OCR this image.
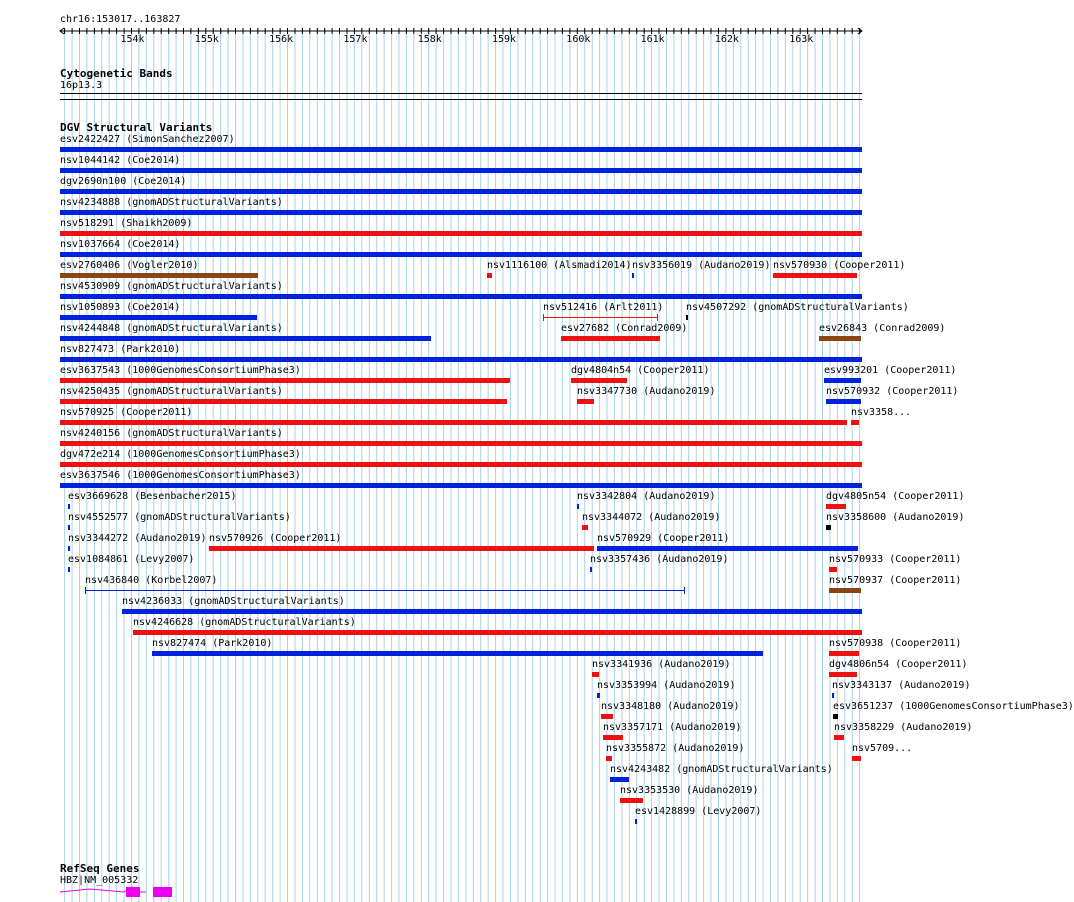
chr16:153017..163827
154k	155k	156k	157k	158k	159k	160k	161k	162k	163k
Cytogenetic Bands
16p13.3
DGV Structural Variants
esv2422427 (SimonSanchez2007)
nsv1044142 (Coe2014)
dgv2690n100 (Coe2014)
nsv4234888 (gnomADStructuralVariants)
nsv518291 (Shaikh2009)
nsv1037664 (Coe2014)
esv2760406 (Vogler2010)	nsv1116100 (Alsmadi2014) nsv3356019 (Audano2019) nsv570930 (Cooper2011)
nsv4530909 (gnomADStructuralVariants)
nsv1050893 (Coe2014)	nsv512416 (Arlt2011) nsv4507292 (gnomADStructuralVariants)
nsv4244848 (gnomADStructuralVariants)	esv27682 (Conrad2009)	esv26843 (Conrad2009)
nsv827473 (Park2010)
esv3637543 (1000GenomesConsortiumPhase3)	dgv4804n54 (Cooper2011)	esv993201 (Cooper2011)
nsv4250435 (gnomADStructuralVariants)	nsv3347730 (Audano2019)	nsv570932 (Cooper2011)
nsv570925 (Cooper2011)	nsv3358...
nsv4240156 (gnomADStructuralVariants)
dgv472e214 (1000GenomesConsortiumPhase3)
esv3637546 (1000GenomesConsortiumPhase3)
esv3669628 (Besenbacher2015)	nsv3342804 (Audano2019)	dgv4805n54 (Cooper2011)
nsv4552577 (gnomADStructuralVariants)	nsv3344072 (Audano2019)	nsv3358600 (Audano2019)
nsv3344272 (Audano2019) nsv570926 (Cooper2011)	nsv570929 (Cooper2011)
esv1084861 (Levy2007)	nsv3357436 (Audano2019)	nsv570933 (Cooper2011)
nsv436840 (Korbel2007)	nsv570937 (Cooper2011)
nsv4236033 (gnomADStructuralVariants)
nsv4246628 (gnomADStructuralVariants)
nsv827474 (Park2010)	nsv570938 (Cooper2011)
nsv3341936 (Audano2019)	dgv4806n54 (Cooper2011)
nsv3353994 (Audano2019)	nsv3343137 (Audano2019)
nsv3348180 (Audano2019)	esv3651237 (1000GenomesConsortiumPhase3)
nsv3357171 (Audano2019)	nsv3358229 (Audano2019)
nsv3355872 (Audano2019)	nsv5709...
nsv4243482 (gnomADStructuralVariants)
nsv3353530 (Audano2019)
esv1428899 (Levy2007)
RefSeq Genes
HBZ|NM_005332
